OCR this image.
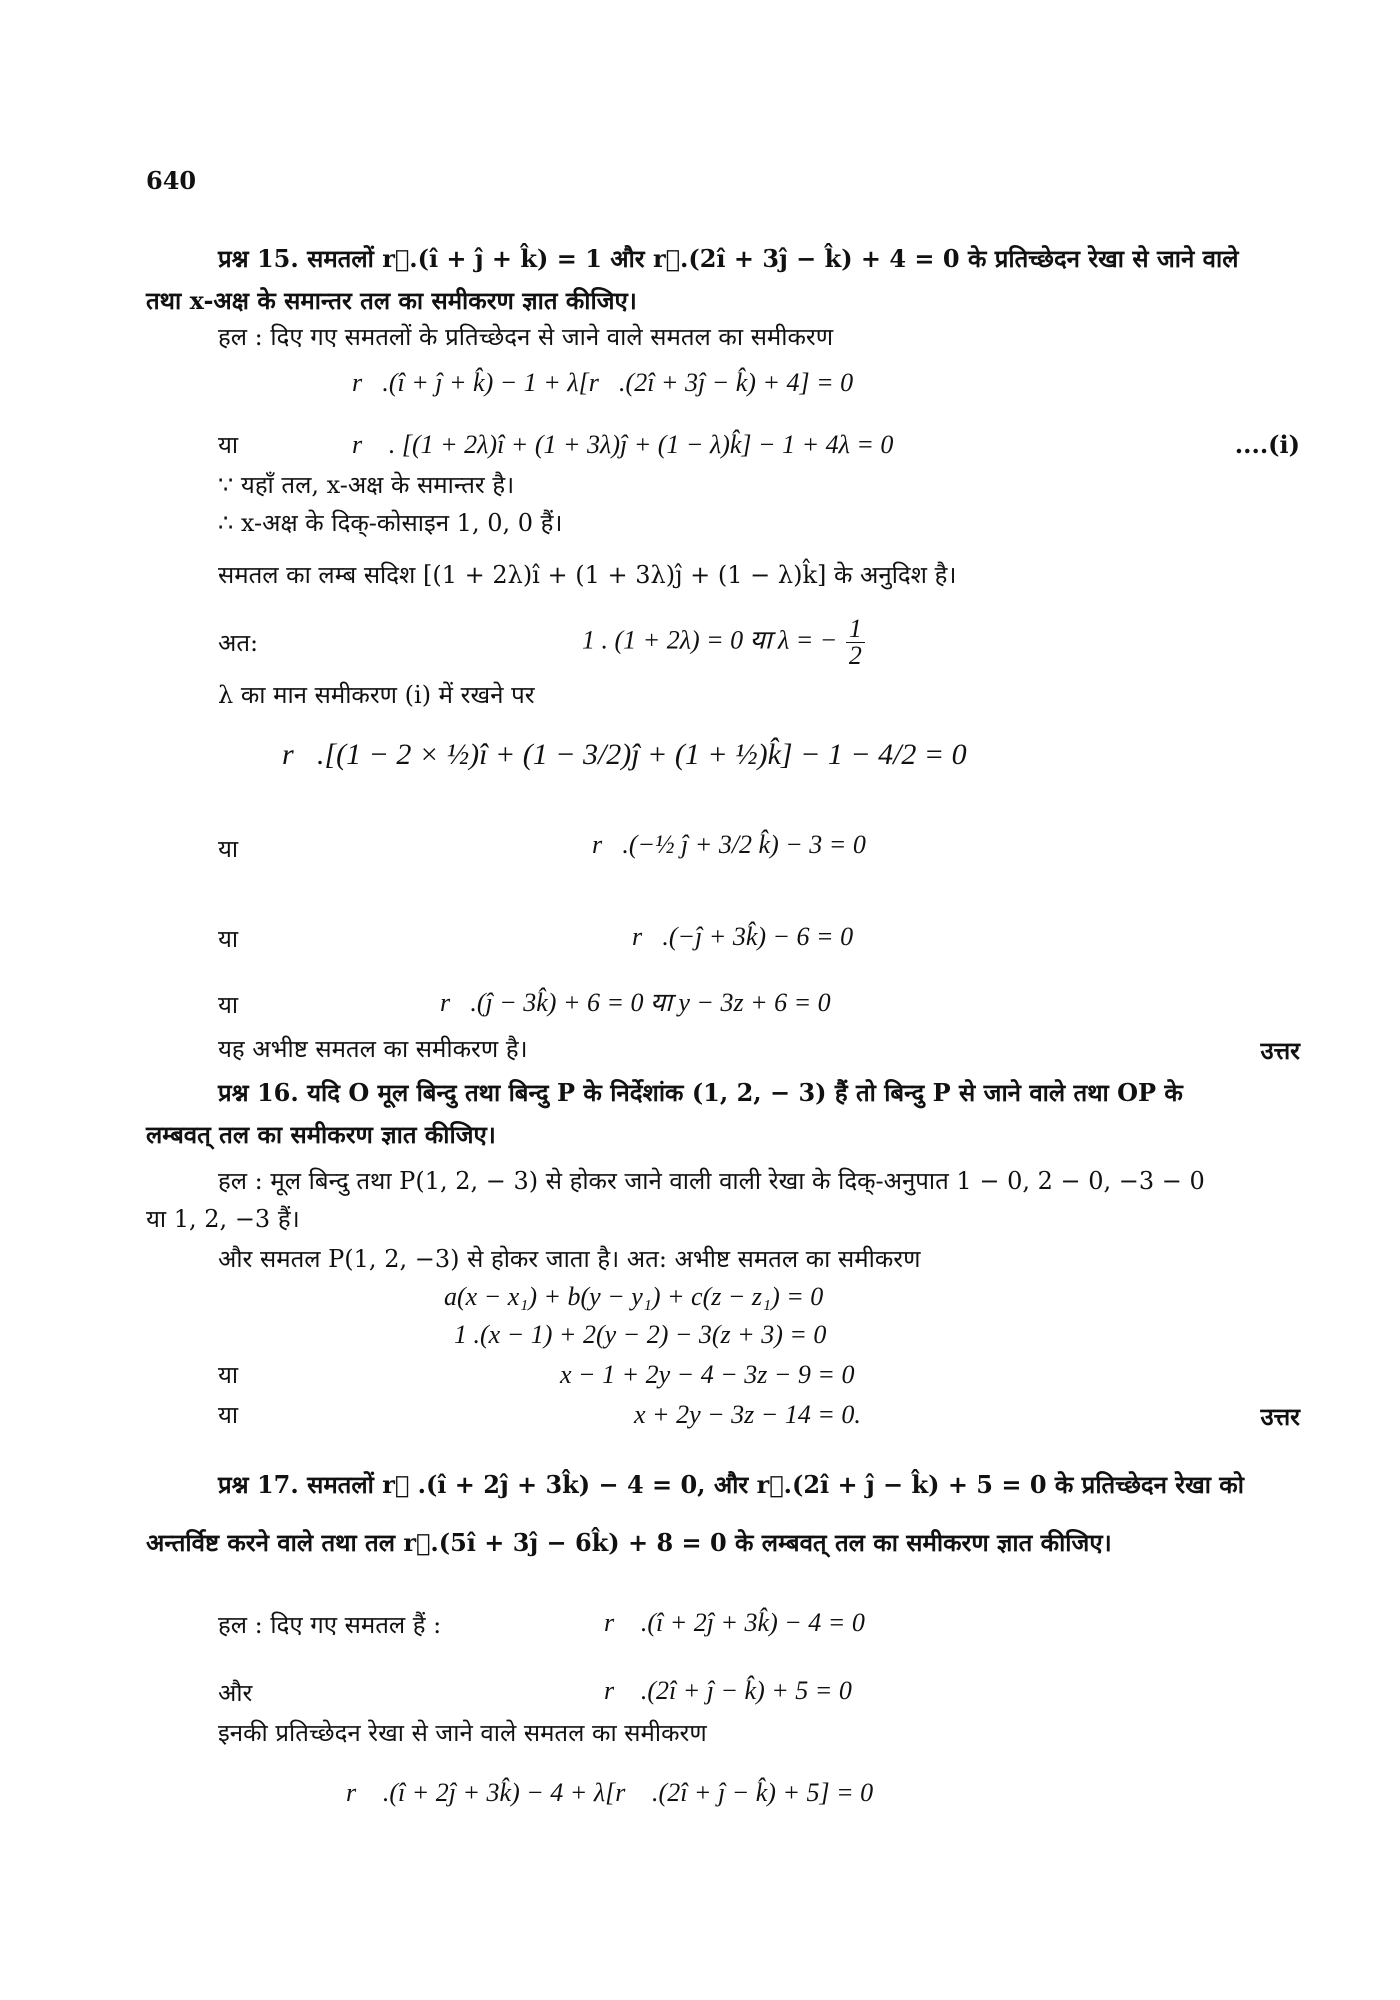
640
प्रश्न 15. समतलों r⃗.(î + ĵ + k̂) = 1 और r⃗.(2î + 3ĵ − k̂) + 4 = 0 के प्रतिच्छेदन रेखा से जाने वाले
तथा x-अक्ष के समान्तर तल का समीकरण ज्ञात कीजिए।
हल : दिए गए समतलों के प्रतिच्छेदन से जाने वाले समतल का समीकरण
r⃗.(î + ĵ + k̂) − 1 + λ[r⃗.(2î + 3ĵ − k̂) + 4] = 0
या	r⃗ . [(1 + 2λ)î + (1 + 3λ)ĵ + (1 − λ)k̂] − 1 + 4λ = 0	....(i)
∵ यहाँ तल, x-अक्ष के समान्तर है।
∴ x-अक्ष के दिक्-कोसाइन 1, 0, 0 हैं।
समतल का लम्ब सदिश [(1 + 2λ)î + (1 + 3λ)ĵ + (1 − λ)k̂] के अनुदिश है।
अत:	1 . (1 + 2λ) = 0 या λ = − $\frac{1}{2}$
λ का मान समीकरण (i) में रखने पर
r⃗.[(1 − 2 × ½)î + (1 − 3/2)ĵ + (1 + ½)k̂] − 1 − 4/2 = 0
या	r⃗.(−½ ĵ + 3/2 k̂) − 3 = 0
या	r⃗.(−ĵ + 3k̂) − 6 = 0
या	r⃗.(ĵ − 3k̂) + 6 = 0 या y − 3z + 6 = 0
यह अभीष्ट समतल का समीकरण है।	उत्तर
प्रश्न 16. यदि O मूल बिन्दु तथा बिन्दु P के निर्देशांक (1, 2, − 3) हैं तो बिन्दु P से जाने वाले तथा OP के
लम्बवत् तल का समीकरण ज्ञात कीजिए।
हल : मूल बिन्दु तथा P(1, 2, − 3) से होकर जाने वाली वाली रेखा के दिक्-अनुपात 1 − 0, 2 − 0, −3 − 0
या 1, 2, −3 हैं।
और समतल P(1, 2, −3) से होकर जाता है। अत: अभीष्ट समतल का समीकरण
a(x − x₁) + b(y − y₁) + c(z − z₁) = 0
1 .(x − 1) + 2(y − 2) − 3(z + 3) = 0
या	x − 1 + 2y − 4 − 3z − 9 = 0
या	x + 2y − 3z − 14 = 0.	उत्तर
प्रश्न 17. समतलों r⃗ .(î + 2ĵ + 3k̂) − 4 = 0, और r⃗.(2î + ĵ − k̂) + 5 = 0 के प्रतिच्छेदन रेखा को
अन्तर्विष्ट करने वाले तथा तल r⃗.(5î + 3ĵ − 6k̂) + 8 = 0 के लम्बवत् तल का समीकरण ज्ञात कीजिए।
हल : दिए गए समतल हैं :	r⃗ .(î + 2ĵ + 3k̂) − 4 = 0
और	r⃗ .(2î + ĵ − k̂) + 5 = 0
इनकी प्रतिच्छेदन रेखा से जाने वाले समतल का समीकरण
r⃗ .(î + 2ĵ + 3k̂) − 4 + λ[r⃗ .(2î + ĵ − k̂) + 5] = 0
